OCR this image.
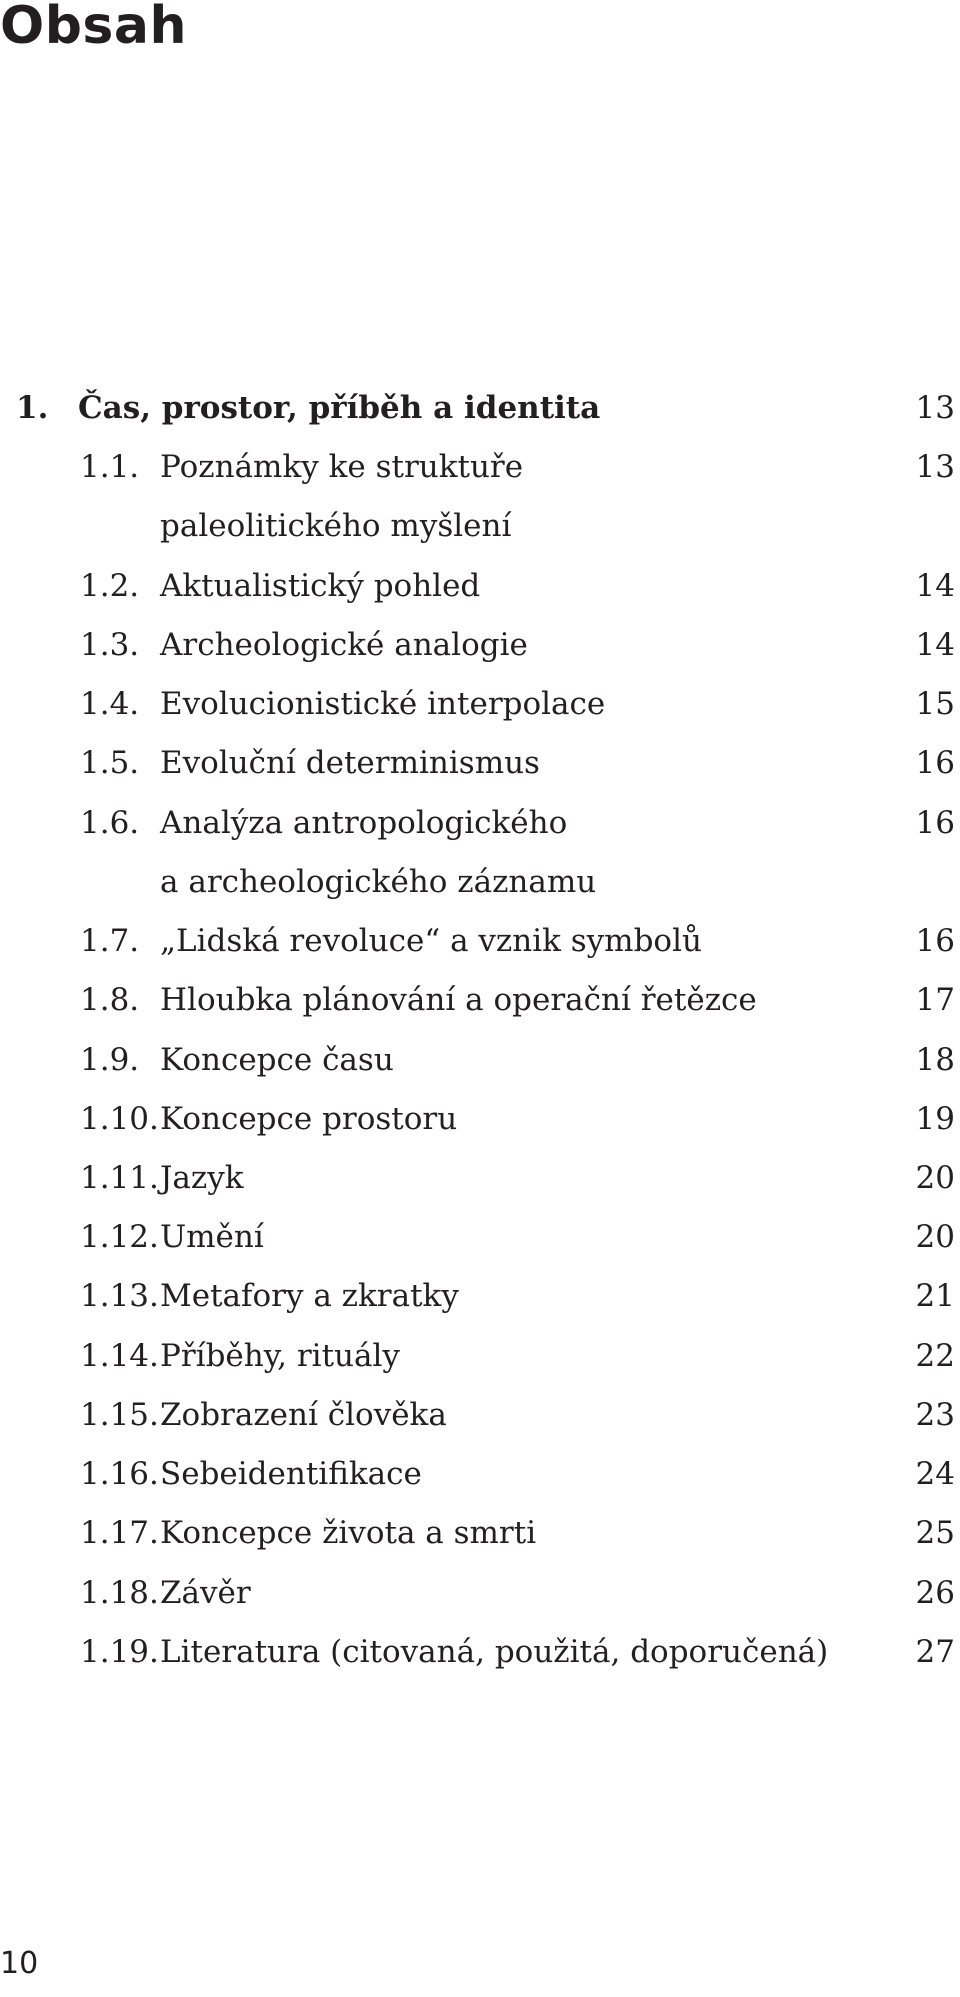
Obsah
1. Čas, prostor, příběh a identita	13
1.1. Poznámky ke struktuře	13
paleolitického myšlení
1.2. Aktualistický pohled	14
1.3. Archeologické analogie	14
1.4. Evolucionistické interpolace	15
1.5. Evoluční determinismus	16
1.6. Analýza antropologického	16
a archeologického záznamu
1.7. „Lidská revoluce“ a vznik symbolů	16
1.8. Hloubka plánování a operační řetězce	17
1.9. Koncepce času	18
1.10. Koncepce prostoru	19
1.11. Jazyk	20
1.12. Umění	20
1.13. Metafory a zkratky	21
1.14. Příběhy, rituály	22
1.15. Zobrazení člověka	23
1.16. Sebeidentifikace	24
1.17. Koncepce života a smrti	25
1.18. Závěr	26
1.19. Literatura (citovaná, použitá, doporučená)	27
10
